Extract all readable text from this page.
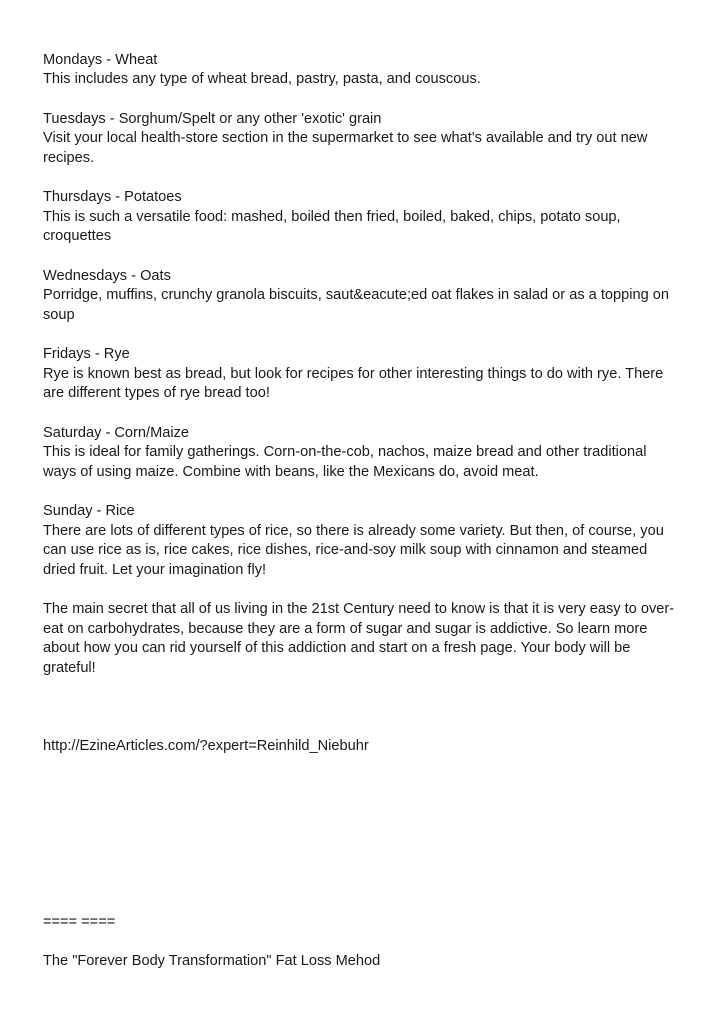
Mondays - Wheat

This includes any type of wheat bread, pastry, pasta, and couscous.

Tuesdays - Sorghum/Spelt or any other 'exotic' grain

Visit your local health-store section in the supermarket to see what's available and try out new

recipes.

Thursdays - Potatoes

This is such a versatile food: mashed, boiled then fried, boiled, baked, chips, potato soup,

croquettes

Wednesdays - Oats

Porridge, muffins, crunchy granola biscuits, saut&eacute;ed oat flakes in salad or as a topping on

soup

Fridays - Rye

Rye is known best as bread, but look for recipes for other interesting things to do with rye. There

are different types of rye bread too!

Saturday - Corn/Maize

This is ideal for family gatherings. Corn-on-the-cob, nachos, maize bread and other traditional

ways of using maize. Combine with beans, like the Mexicans do, avoid meat.

Sunday - Rice

There are lots of different types of rice, so there is already some variety. But then, of course, you

can use rice as is, rice cakes, rice dishes, rice-and-soy milk soup with cinnamon and steamed

dried fruit. Let your imagination fly!

The main secret that all of us living in the 21st Century need to know is that it is very easy to over-

eat on carbohydrates, because they are a form of sugar and sugar is addictive. So learn more

about how you can rid yourself of this addiction and start on a fresh page. Your body will be

grateful!

http://EzineArticles.com/?expert=Reinhild_Niebuhr

==== ====

The "Forever Body Transformation" Fat Loss Mehod
